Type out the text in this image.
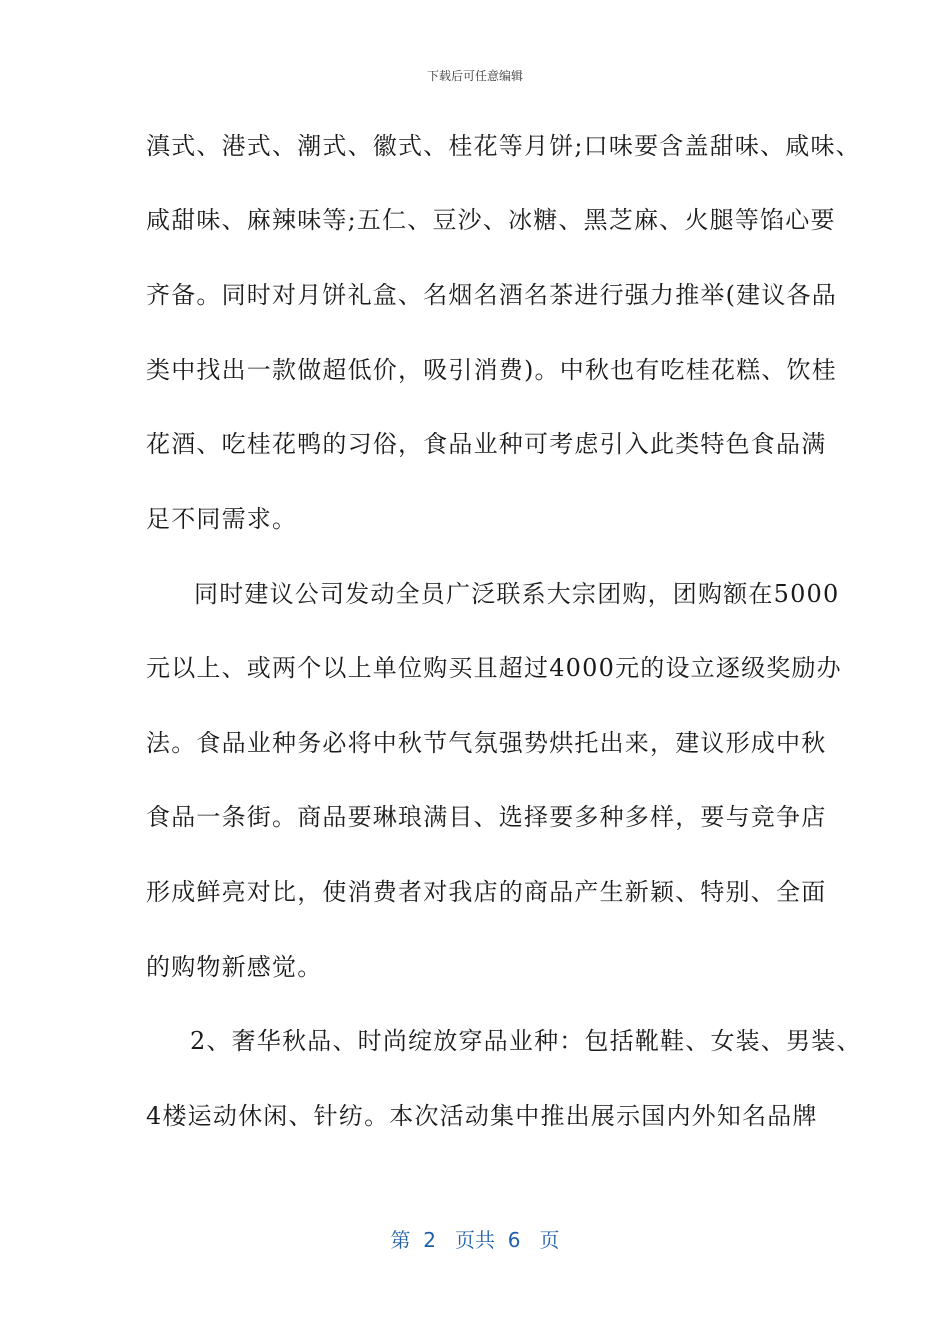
下载后可任意编辑
滇式、港式、潮式、徽式、桂花等月饼;口味要含盖甜味、咸味、
咸甜味、麻辣味等;五仁、豆沙、冰糖、黑芝麻、火腿等馅心要
齐备。同时对月饼礼盒、名烟名酒名茶进行强力推举(建议各品
类中找出一款做超低价，吸引消费)。中秋也有吃桂花糕、饮桂
花酒、吃桂花鸭的习俗，食品业种可考虑引入此类特色食品满
足不同需求。
同时建议公司发动全员广泛联系大宗团购，团购额在5000
元以上、或两个以上单位购买且超过4000元的设立逐级奖励办
法。食品业种务必将中秋节气氛强势烘托出来，建议形成中秋
食品一条街。商品要琳琅满目、选择要多种多样，要与竞争店
形成鲜亮对比，使消费者对我店的商品产生新颖、特别、全面
的购物新感觉。
2、奢华秋品、时尚绽放穿品业种：包括靴鞋、女装、男装、
4楼运动休闲、针纺。本次活动集中推出展示国内外知名品牌
第  2   页共  6   页
